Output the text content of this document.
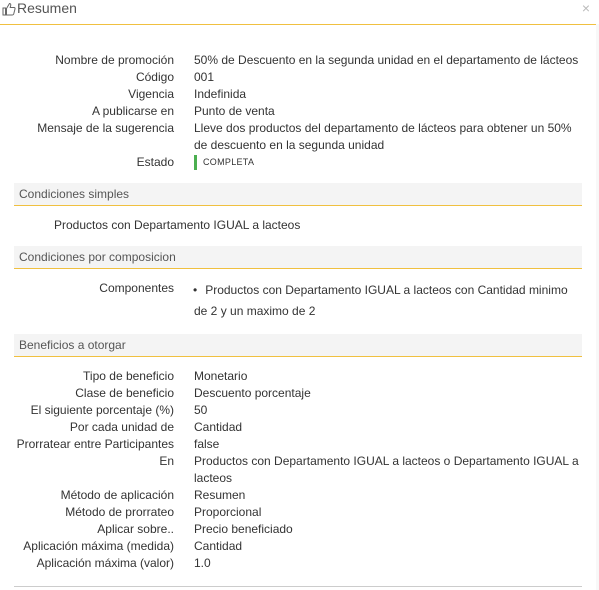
Resumen	×
Nombre de promoción 50% de Descuento en la segunda unidad en el departamento de lácteos
Código 001
Vigencia Indefinida
A publicarse en Punto de venta
Mensaje de la sugerencia Lleve dos productos del departamento de lácteos para obtener un 50% de descuento en la segunda unidad
Estado	COMPLETA
Condiciones simples
Productos con Departamento IGUAL a lacteos
Condiciones por composicion
Componentes • Productos con Departamento IGUAL a lacteos con Cantidad minimo de 2 y un maximo de 2
Beneficios a otorgar
Tipo de beneficio Monetario
Clase de beneficio Descuento porcentaje
El siguiente porcentaje (%) 50
Por cada unidad de Cantidad
Prorratear entre Participantes false
En Productos con Departamento IGUAL a lacteos o Departamento IGUAL a lacteos
Método de aplicación Resumen
Método de prorrateo Proporcional
Aplicar sobre.. Precio beneficiado
Aplicación máxima (medida) Cantidad
Aplicación máxima (valor) 1.0
